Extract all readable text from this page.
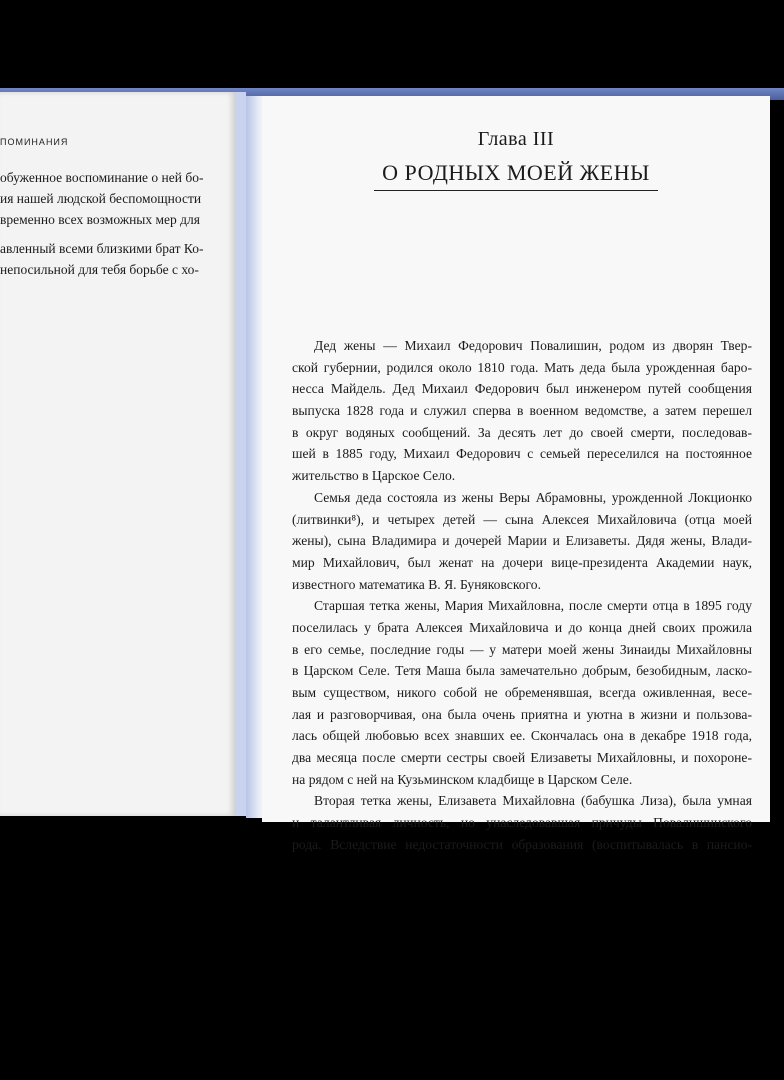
ПОМИНАНИЯ
обуженное воспоминание о ней бо-
ия нашей людской беспомощности
временно всех возможных мер для
авленный всеми близкими брат Ко-
непосильной для тебя борьбе с хо-
Глава III
О РОДНЫХ МОЕЙ ЖЕНЫ
Дед жены — Михаил Федорович Повалишин, родом из дворян Твер-
ской губернии, родился около 1810 года. Мать деда была урожденная баро-
несса Майдель. Дед Михаил Федорович был инженером путей сообщения
выпуска 1828 года и служил сперва в военном ведомстве, а затем перешел
в округ водяных сообщений. За десять лет до своей смерти, последовав-
шей в 1885 году, Михаил Федорович с семьей переселился на постоянное
жительство в Царское Село.
Семья деда состояла из жены Веры Абрамовны, урожденной Локционко
(литвинки⁸), и четырех детей — сына Алексея Михайловича (отца моей
жены), сына Владимира и дочерей Марии и Елизаветы. Дядя жены, Влади-
мир Михайлович, был женат на дочери вице-президента Академии наук,
известного математика В. Я. Буняковского.
Старшая тетка жены, Мария Михайловна, после смерти отца в 1895 году
поселилась у брата Алексея Михайловича и до конца дней своих прожила
в его семье, последние годы — у матери моей жены Зинаиды Михайловны
в Царском Селе. Тетя Маша была замечательно добрым, безобидным, ласко-
вым существом, никого собой не обременявшая, всегда оживленная, весе-
лая и разговорчивая, она была очень приятна и уютна в жизни и пользова-
лась общей любовью всех знавших ее. Скончалась она в декабре 1918 года,
два месяца после смерти сестры своей Елизаветы Михайловны, и похороне-
на рядом с ней на Кузьминском кладбище в Царском Селе.
Вторая тетка жены, Елизавета Михайловна (бабушка Лиза), была умная
и талантливая личность, но унаследовавшая причуды Повалишинского
рода. Вследствие недостаточности образования (воспитывалась в пансио-
